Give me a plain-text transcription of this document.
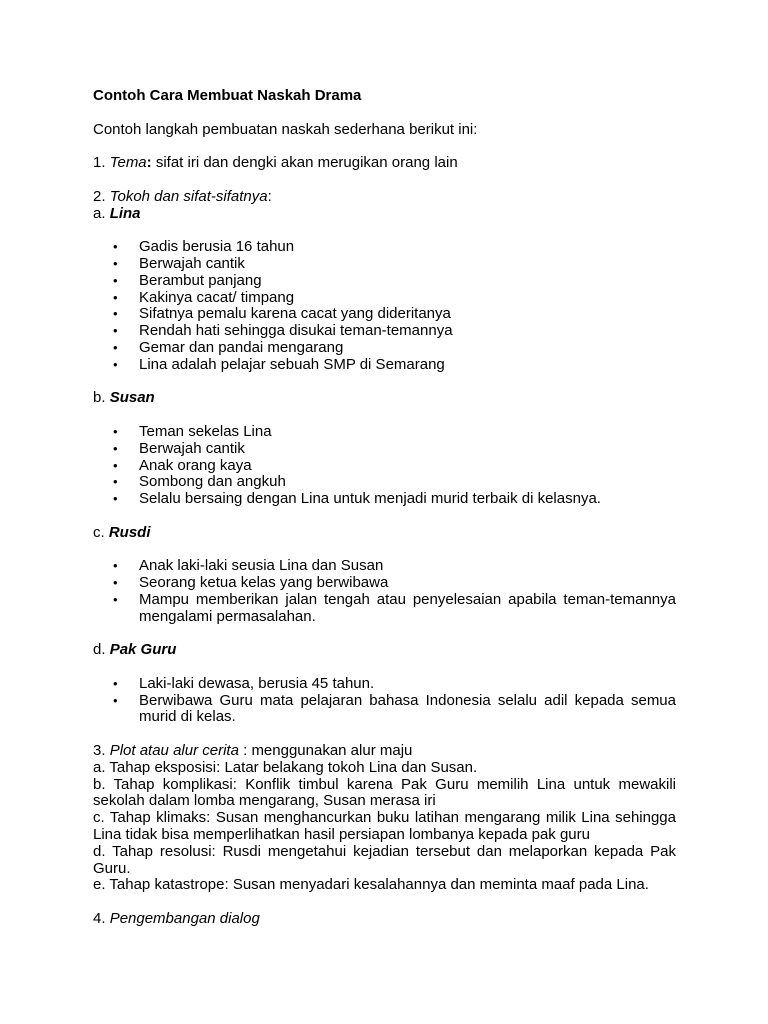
Contoh Cara Membuat Naskah Drama

Contoh langkah pembuatan naskah sederhana berikut ini:

1. Tema: sifat iri dan dengki akan merugikan orang lain

2. Tokoh dan sifat-sifatnya:

a. Lina

• Gadis berusia 16 tahun
• Berwajah cantik
• Berambut panjang
• Kakinya cacat/ timpang
• Sifatnya pemalu karena cacat yang dideritanya
• Rendah hati sehingga disukai teman-temannya
• Gemar dan pandai mengarang
• Lina adalah pelajar sebuah SMP di Semarang

b. Susan

• Teman sekelas Lina
• Berwajah cantik
• Anak orang kaya
• Sombong dan angkuh
• Selalu bersaing dengan Lina untuk menjadi murid terbaik di kelasnya.

c. Rusdi

• Anak laki-laki seusia Lina dan Susan
• Seorang ketua kelas yang berwibawa
• Mampu memberikan jalan tengah atau penyelesaian apabila teman-temannya mengalami permasalahan.

d. Pak Guru

• Laki-laki dewasa, berusia 45 tahun.
• Berwibawa Guru mata pelajaran bahasa Indonesia selalu adil kepada semua murid di kelas.

3. Plot atau alur cerita : menggunakan alur maju

a. Tahap eksposisi: Latar belakang tokoh Lina dan Susan.

b. Tahap komplikasi: Konflik timbul karena Pak Guru memilih Lina untuk mewakili sekolah dalam lomba mengarang, Susan merasa iri

c. Tahap klimaks: Susan menghancurkan buku latihan mengarang milik Lina sehingga Lina tidak bisa memperlihatkan hasil persiapan lombanya kepada pak guru

d. Tahap resolusi: Rusdi mengetahui kejadian tersebut dan melaporkan kepada Pak Guru.

e. Tahap katastrope: Susan menyadari kesalahannya dan meminta maaf pada Lina.

4. Pengembangan dialog
